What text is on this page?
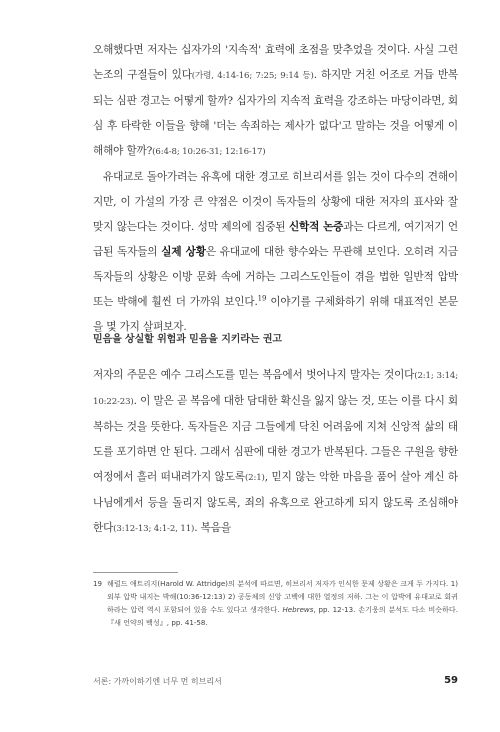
오해했다면 저자는 십자가의 '지속적' 효력에 초점을 맞추었을 것이다. 사실 그런 논조의 구절들이 있다(가령, 4:14-16; 7:25; 9:14 등). 하지만 거친 어조로 거듭 반복되는 심판 경고는 어떻게 할까? 십자가의 지속적 효력을 강조하는 마당이라면, 회심 후 타락한 이들을 향해 '더는 속죄하는 제사가 없다'고 말하는 것을 어떻게 이해해야 할까?(6:4-8; 10:26-31; 12:16-17)

유대교로 돌아가려는 유혹에 대한 경고로 히브리서를 읽는 것이 다수의 견해이지만, 이 가설의 가장 큰 약점은 이것이 독자들의 상황에 대한 저자의 표사와 잘 맞지 않는다는 것이다. 성막 제의에 집중된 신학적 논증과는 다르게, 여기저기 언급된 독자들의 실제 상황은 유대교에 대한 향수와는 무관해 보인다. 오히려 지금 독자들의 상황은 이방 문화 속에 거하는 그리스도인들이 겪을 법한 일반적 압박 또는 박해에 훨씬 더 가까워 보인다.$^{19}$ 이야기를 구체화하기 위해 대표적인 본문을 몇 가지 살펴보자.

믿음을 상실할 위험과 믿음을 지키라는 권고

저자의 주문은 예수 그리스도를 믿는 복음에서 벗어나지 말자는 것이다(2:1; 3:14; 10:22-23). 이 말은 곧 복음에 대한 담대한 확신을 잃지 않는 것, 또는 이를 다시 회복하는 것을 뜻한다. 독자들은 지금 그들에게 닥친 어려움에 지쳐 신앙적 삶의 태도를 포기하면 안 된다. 그래서 심판에 대한 경고가 반복된다. 그들은 구원을 향한 여정에서 흘러 떠내려가지 않도록(2:1), 믿지 않는 악한 마음을 품어 살아 계신 하나님에게서 등을 돌리지 않도록, 죄의 유혹으로 완고하게 되지 않도록 조심해야 한다(3:12-13; 4:1-2, 11). 복음을

19 해럴드 애트리지(Harold W. Attridge)의 분석에 따르면, 히브리서 저자가 인식한 문제 상황은 크게 두 가지다. 1) 외부 압박 내지는 박해(10:36-12:13) 2) 공동체의 신앙 고백에 대한 열정의 저하. 그는 이 압박에 유대교로 회귀하라는 압력 역시 포함되어 있을 수도 있다고 생각한다. Hebrews, pp. 12-13. 손기웅의 분석도 다소 비슷하다. 『새 언약의 백성』, pp. 41-58.
서론: 가까이하기엔 너무 먼 히브리서	59
